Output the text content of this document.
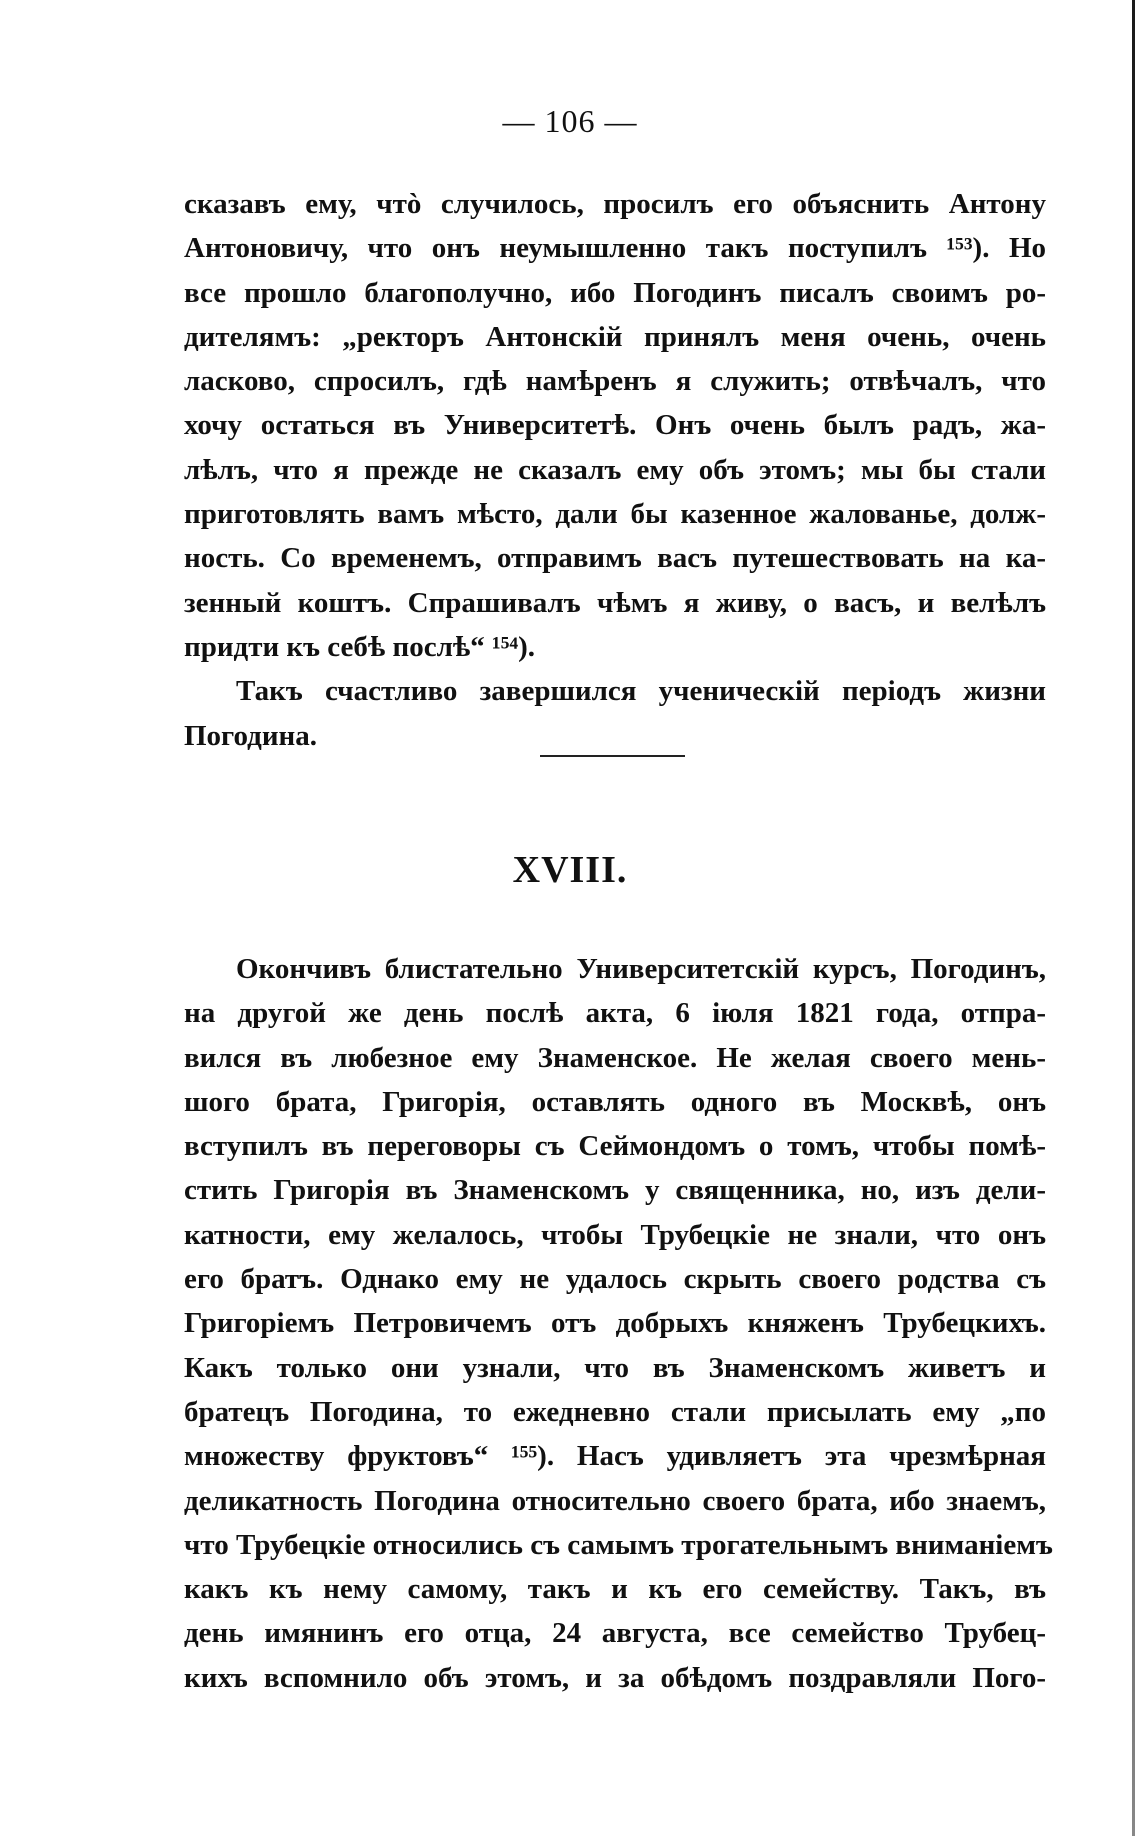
— 106 —
сказавъ ему, чтò случилось, просилъ его объяснить Антону
Антоновичу, что онъ неумышленно такъ поступилъ ¹⁵³). Но
все прошло благополучно, ибо Погодинъ писалъ своимъ ро-
дителямъ: „ректоръ Антонскій принялъ меня очень, очень
ласково, спросилъ, гдѣ намѣренъ я служить; отвѣчалъ, что
хочу остаться въ Университетѣ. Онъ очень былъ радъ, жа-
лѣлъ, что я прежде не сказалъ ему объ этомъ; мы бы стали
приготовлять вамъ мѣсто, дали бы казенное жалованье, долж-
ность. Со временемъ, отправимъ васъ путешествовать на ка-
зенный коштъ. Спрашивалъ чѣмъ я живу, о васъ, и велѣлъ
придти къ себѣ послѣ“ ¹⁵⁴).
Такъ счастливо завершился ученическій періодъ жизни
Погодина.
XVIII.
Окончивъ блистательно Университетскій курсъ, Погодинъ,
на другой же день послѣ акта, 6 іюля 1821 года, отпра-
вился въ любезное ему Знаменское. Не желая своего мень-
шого брата, Григорія, оставлять одного въ Москвѣ, онъ
вступилъ въ переговоры съ Сеймондомъ о томъ, чтобы помѣ-
стить Григорія въ Знаменскомъ у священника, но, изъ дели-
катности, ему желалось, чтобы Трубецкіе не знали, что онъ
его братъ. Однако ему не удалось скрыть своего родства съ
Григоріемъ Петровичемъ отъ добрыхъ княженъ Трубецкихъ.
Какъ только они узнали, что въ Знаменскомъ живетъ и
братецъ Погодина, то ежедневно стали присылать ему „по
множеству фруктовъ“ ¹⁵⁵). Насъ удивляетъ эта чрезмѣрная
деликатность Погодина относительно своего брата, ибо знаемъ,
что Трубецкіе относились съ самымъ трогательнымъ вниманіемъ
какъ къ нему самому, такъ и къ его семейству. Такъ, въ
день имянинъ его отца, 24 августа, все семейство Трубец-
кихъ вспомнило объ этомъ, и за обѣдомъ поздравляли Пого-
